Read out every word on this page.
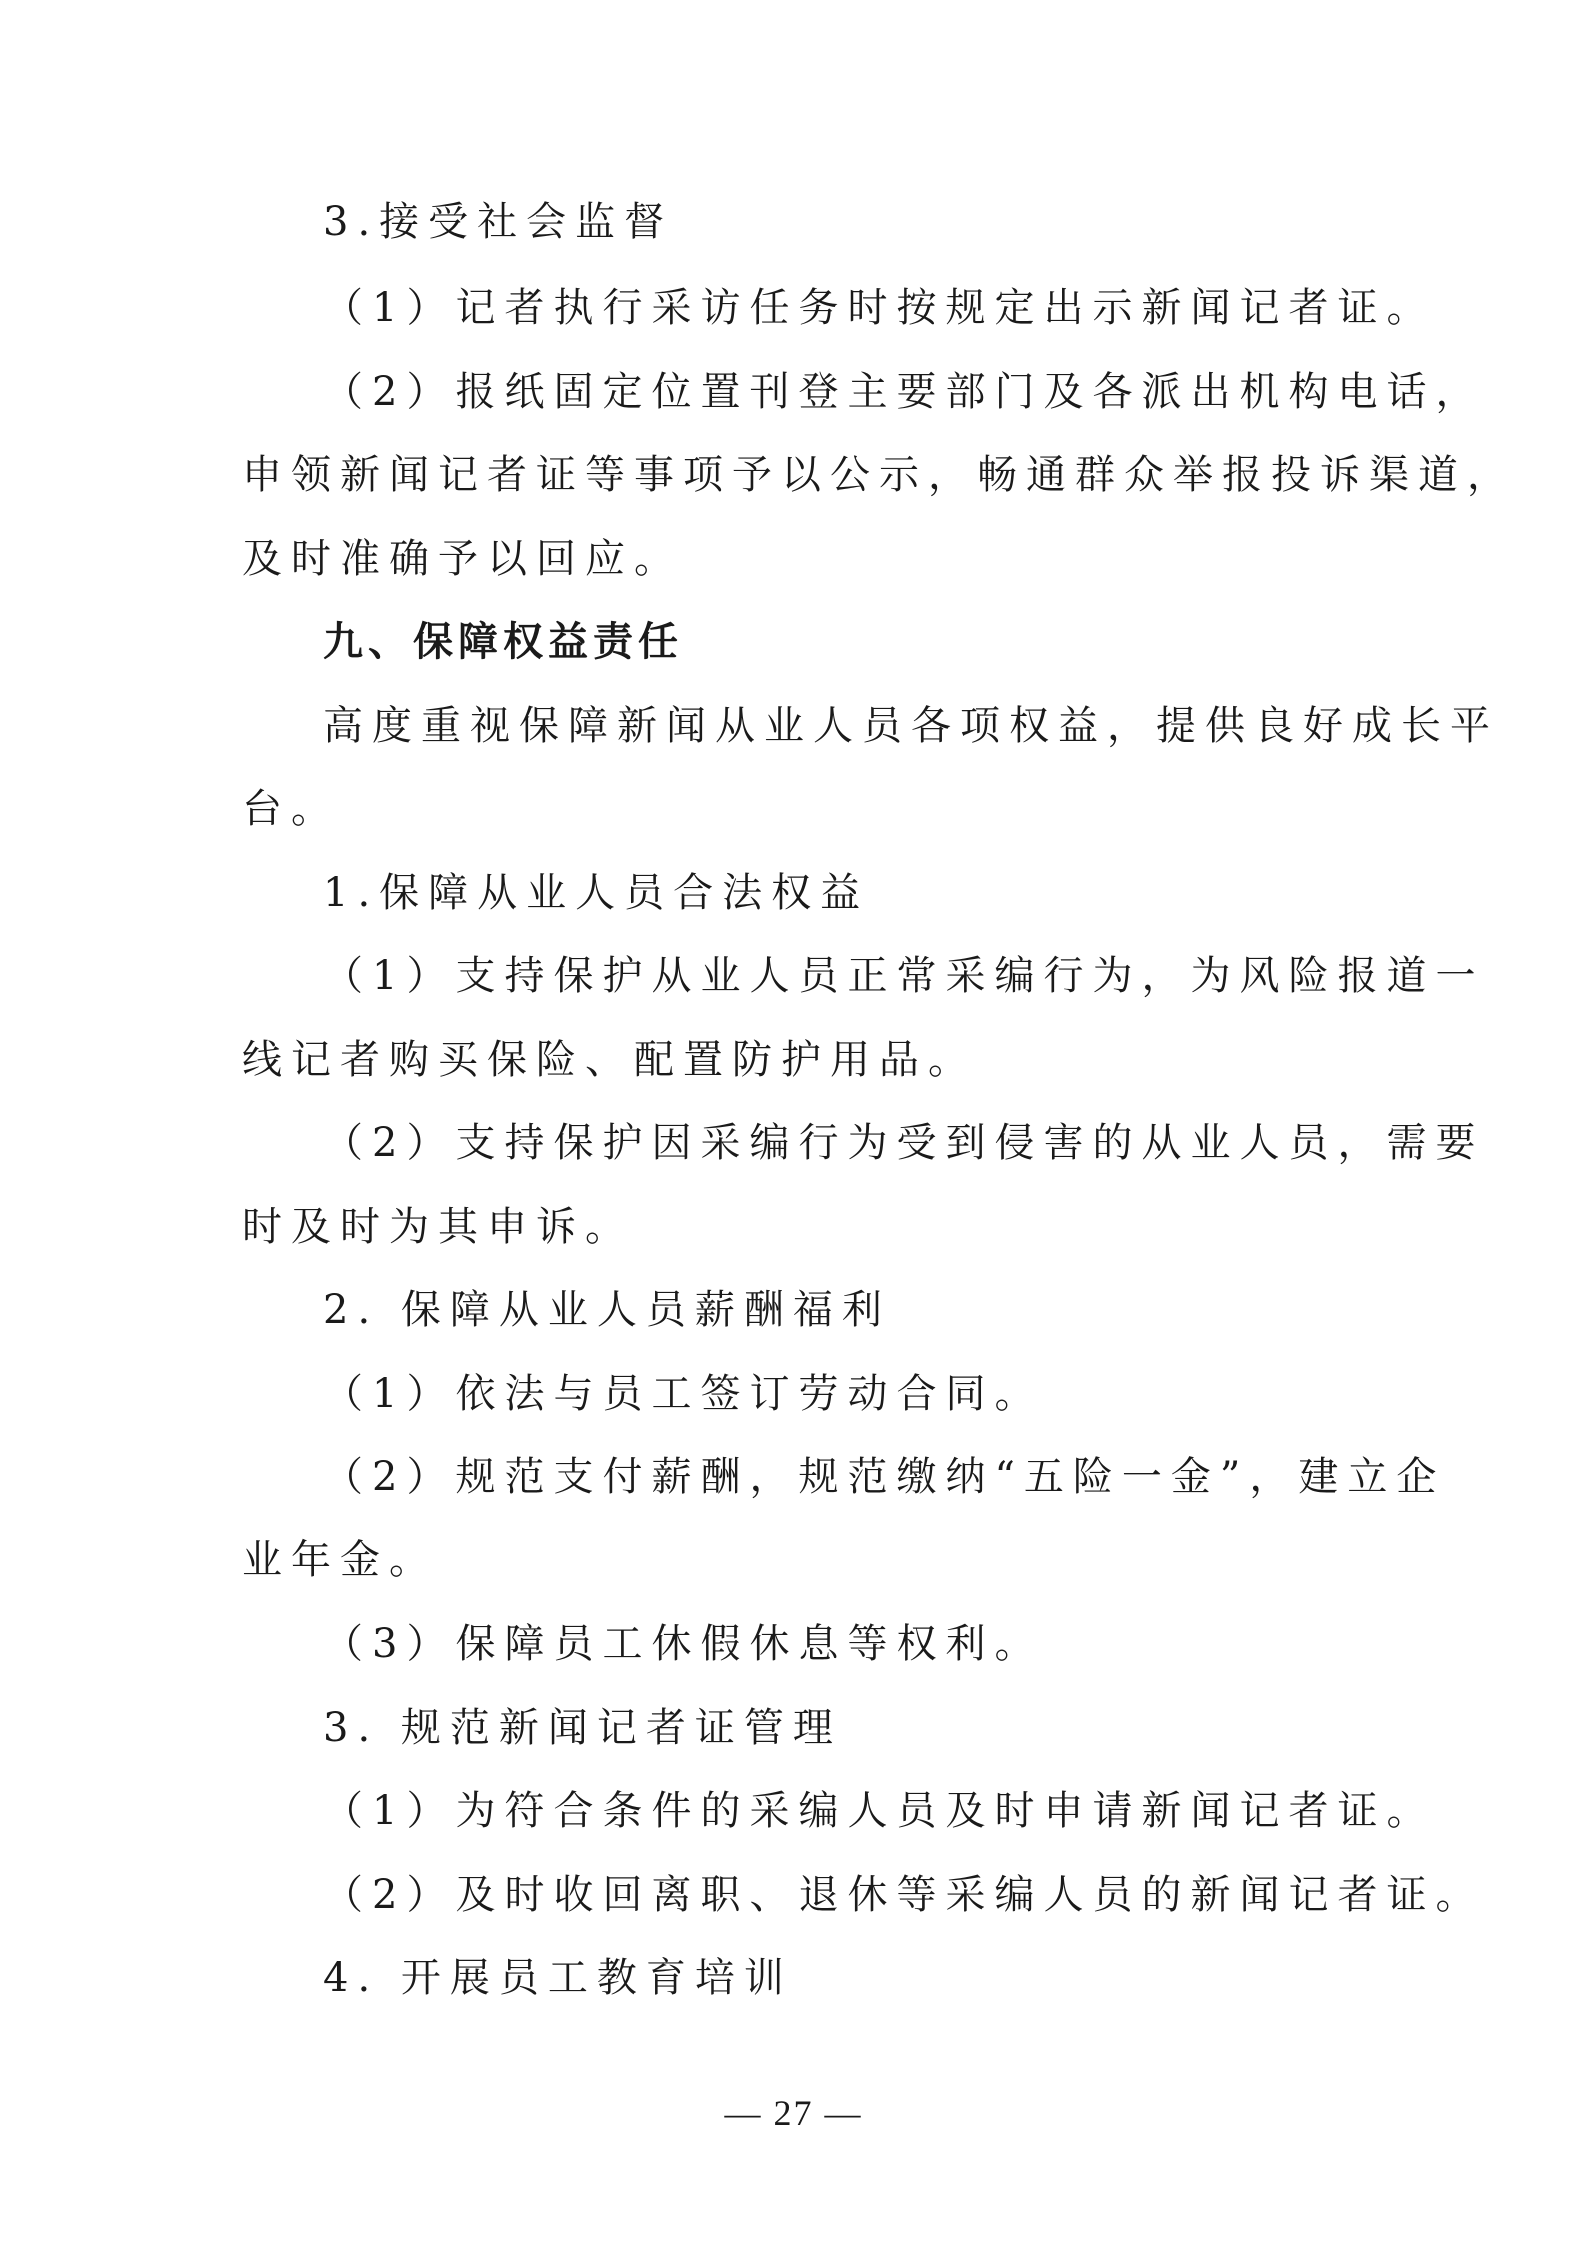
3.接受社会监督
（1）记者执行采访任务时按规定出示新闻记者证。
（2）报纸固定位置刊登主要部门及各派出机构电话，
申领新闻记者证等事项予以公示，畅通群众举报投诉渠道，
及时准确予以回应。
九、保障权益责任
高度重视保障新闻从业人员各项权益，提供良好成长平
台。
1.保障从业人员合法权益
（1）支持保护从业人员正常采编行为，为风险报道一
线记者购买保险、配置防护用品。
（2）支持保护因采编行为受到侵害的从业人员，需要
时及时为其申诉。
2. 保障从业人员薪酬福利
（1）依法与员工签订劳动合同。
（2）规范支付薪酬，规范缴纳“五险一金”，建立企
业年金。
（3）保障员工休假休息等权利。
3. 规范新闻记者证管理
（1）为符合条件的采编人员及时申请新闻记者证。
（2）及时收回离职、退休等采编人员的新闻记者证。
4. 开展员工教育培训
— 27 —
